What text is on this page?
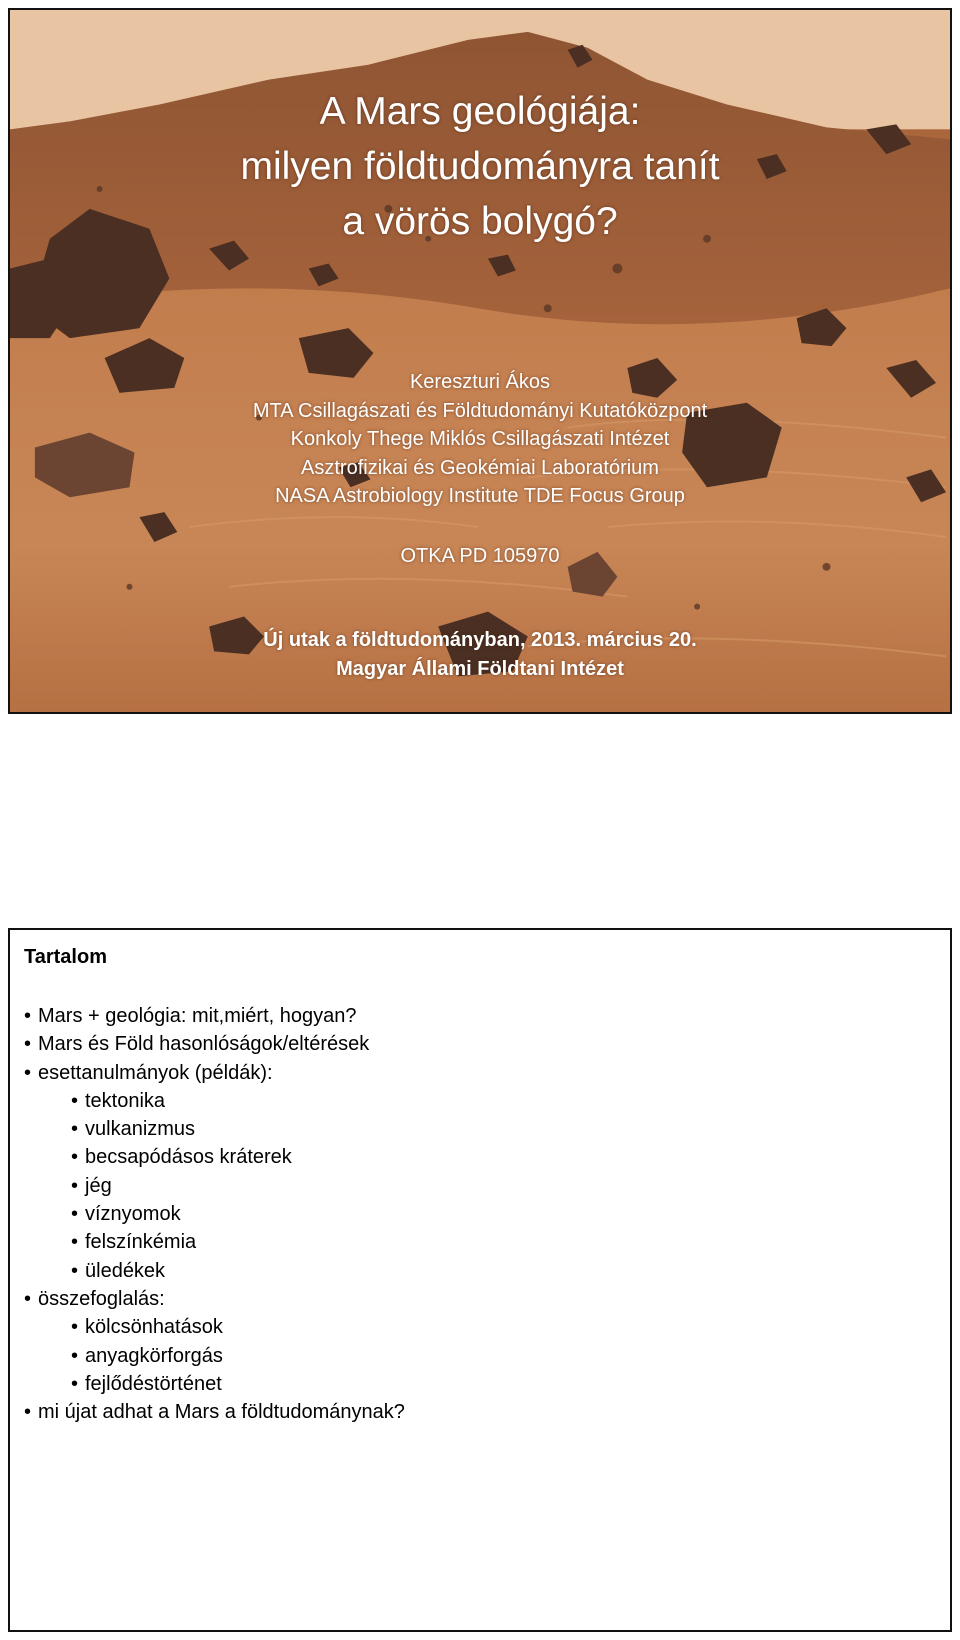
A Mars geológiája:
milyen földtudományra tanít
a vörös bolygó?
Kereszturi Ákos
MTA Csillagászati és Földtudományi Kutatóközpont
Konkoly Thege Miklós Csillagászati Intézet
Asztrofizikai és Geokémiai Laboratórium
NASA Astrobiology Institute TDE Focus Group
OTKA PD 105970
Új utak a földtudományban, 2013. március 20.
Magyar Állami Földtani Intézet
Tartalom
• Mars + geológia: mit,miért, hogyan?
• Mars és Föld hasonlóságok/eltérések
• esettanulmányok (példák):
• tektonika
• vulkanizmus
• becsapódásos kráterek
• jég
• víznyomok
• felszínkémia
• üledékek
• összefoglalás:
• kölcsönhatások
• anyagkörforgás
• fejlődéstörténet
• mi újat adhat a Mars a földtudománynak?
